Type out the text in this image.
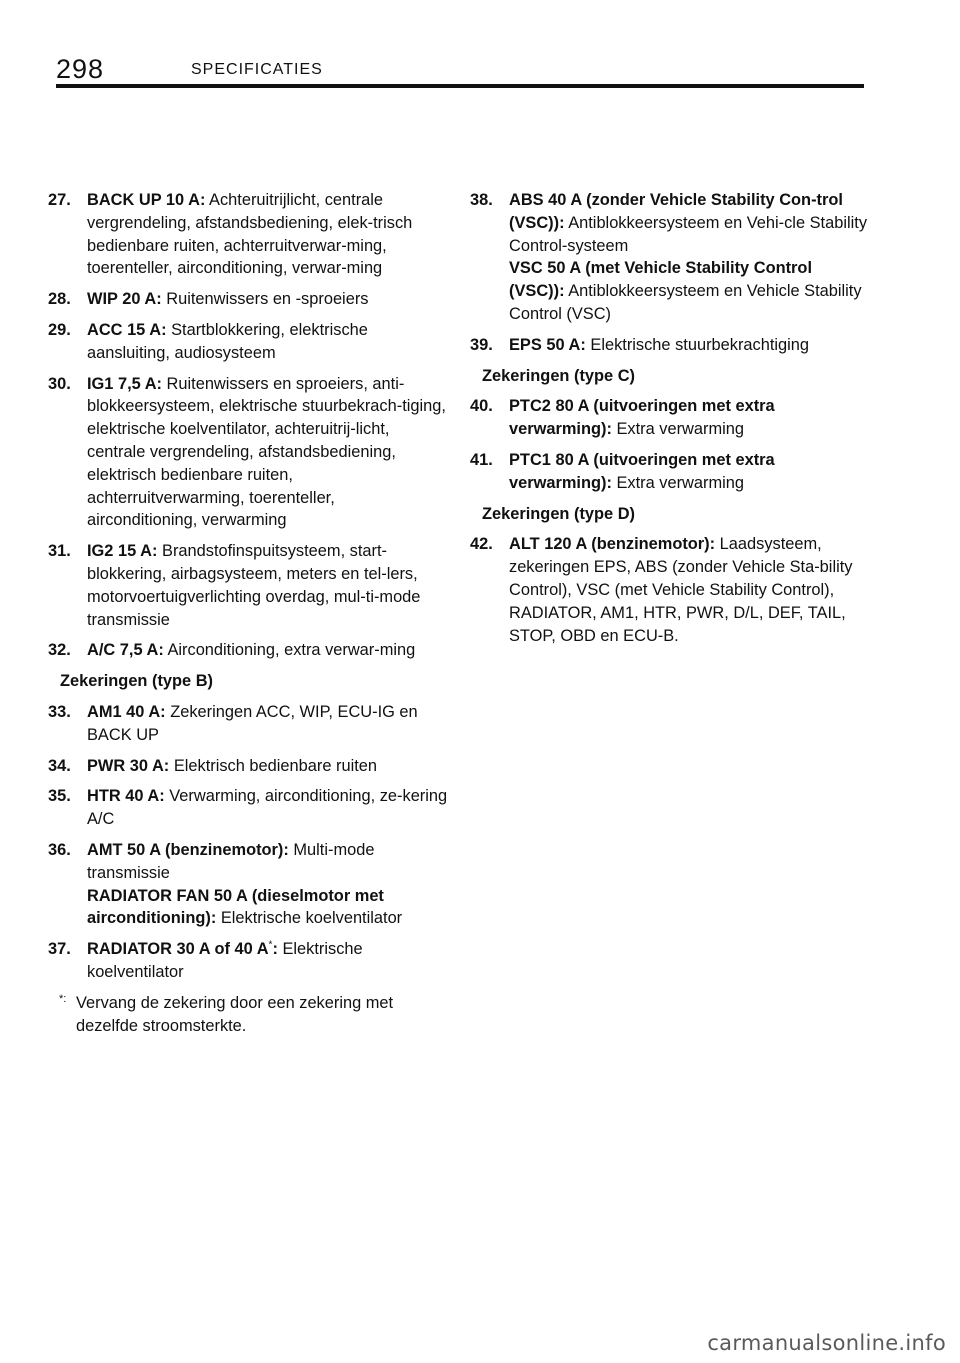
298	SPECIFICATIES
27. BACK UP 10 A: Achteruitrijlicht, centrale vergrendeling, afstandsbediening, elek-trisch bedienbare ruiten, achterruitverwar-ming, toerenteller, airconditioning, verwar-ming
28. WIP 20 A: Ruitenwissers en -sproeiers
29. ACC 15 A: Startblokkering, elektrische aansluiting, audiosysteem
30. IG1 7,5 A: Ruitenwissers en sproeiers, anti-blokkeersysteem, elektrische stuurbekrach-tiging, elektrische koelventilator, achteruitrij-licht, centrale vergrendeling, afstandsbediening, elektrisch bedienbare ruiten, achterruitverwarming, toerenteller, airconditioning, verwarming
31. IG2 15 A: Brandstofinspuitsysteem, start-blokkering, airbagsysteem, meters en tel-lers, motorvoertuigverlichting overdag, mul-ti-mode transmissie
32. A/C 7,5 A: Airconditioning, extra verwar-ming
Zekeringen (type B)
33. AM1 40 A: Zekeringen ACC, WIP, ECU-IG en BACK UP
34. PWR 30 A: Elektrisch bedienbare ruiten
35. HTR 40 A: Verwarming, airconditioning, ze-kering A/C
36. AMT 50 A (benzinemotor): Multi-mode transmissie
RADIATOR FAN 50 A (dieselmotor met airconditioning): Elektrische koelventilator
37. RADIATOR 30 A of 40 A*: Elektrische koelventilator
*: Vervang de zekering door een zekering met dezelfde stroomsterkte.
38. ABS 40 A (zonder Vehicle Stability Con-trol (VSC)): Antiblokkeersysteem en Vehi-cle Stability Control-systeem
VSC 50 A (met Vehicle Stability Control (VSC)): Antiblokkeersysteem en Vehicle Stability Control (VSC)
39. EPS 50 A: Elektrische stuurbekrachtiging
Zekeringen (type C)
40. PTC2 80 A (uitvoeringen met extra verwarming): Extra verwarming
41. PTC1 80 A (uitvoeringen met extra verwarming): Extra verwarming
Zekeringen (type D)
42. ALT 120 A (benzinemotor): Laadsysteem, zekeringen EPS, ABS (zonder Vehicle Sta-bility Control), VSC (met Vehicle Stability Control), RADIATOR, AM1, HTR, PWR, D/L, DEF, TAIL, STOP, OBD en ECU-B.
carmanualsonline.info
